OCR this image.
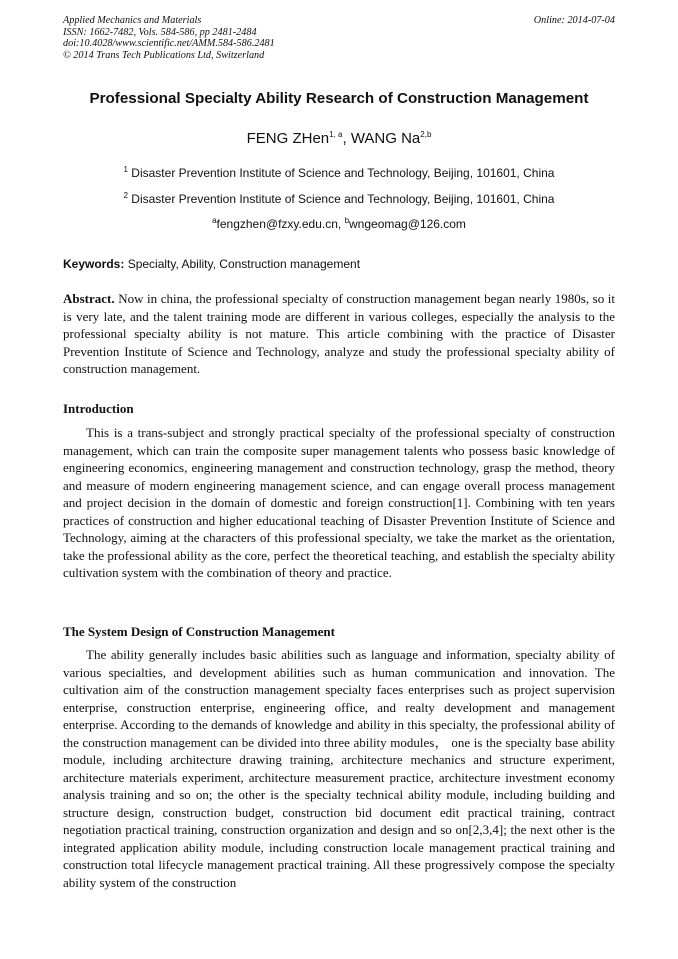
Applied Mechanics and Materials
ISSN: 1662-7482, Vols. 584-586, pp 2481-2484
doi:10.4028/www.scientific.net/AMM.584-586.2481
© 2014 Trans Tech Publications Ltd, Switzerland
Online: 2014-07-04
Professional Specialty Ability Research of Construction Management
FENG ZHen$^{1, a}$, WANG Na$^{2,b}$
$^1$ Disaster Prevention Institute of Science and Technology, Beijing, 101601, China
$^2$ Disaster Prevention Institute of Science and Technology, Beijing, 101601, China
$^a$fengzhen@fzxy.edu.cn, $^b$wngeomag@126.com
Keywords: Specialty, Ability, Construction management
Abstract. Now in china, the professional specialty of construction management began nearly 1980s, so it is very late, and the talent training mode are different in various colleges, especially the analysis to the professional specialty ability is not mature. This article combining with the practice of Disaster Prevention Institute of Science and Technology, analyze and study the professional specialty ability of construction management.
Introduction
This is a trans-subject and strongly practical specialty of the professional specialty of construction management, which can train the composite super management talents who possess basic knowledge of engineering economics, engineering management and construction technology, grasp the method, theory and measure of modern engineering management science, and can engage overall process management and project decision in the domain of domestic and foreign construction[1]. Combining with ten years practices of construction and higher educational teaching of Disaster Prevention Institute of Science and Technology, aiming at the characters of this professional specialty, we take the market as the orientation, take the professional ability as the core, perfect the theoretical teaching, and establish the specialty ability cultivation system with the combination of theory and practice.
The System Design of Construction Management
The ability generally includes basic abilities such as language and information, specialty ability of various specialties, and development abilities such as human communication and innovation. The cultivation aim of the construction management specialty faces enterprises such as project supervision enterprise, construction enterprise, engineering office, and realty development and management enterprise. According to the demands of knowledge and ability in this specialty, the professional ability of the construction management can be divided into three ability modules， one is the specialty base ability module, including architecture drawing training, architecture mechanics and structure experiment, architecture materials experiment, architecture measurement practice, architecture investment economy analysis training and so on; the other is the specialty technical ability module, including building and structure design, construction budget, construction bid document edit practical training, contract negotiation practical training, construction organization and design and so on[2,3,4]; the next other is the integrated application ability module, including construction locale management practical training and construction total lifecycle management practical training. All these progressively compose the specialty ability system of the construction
